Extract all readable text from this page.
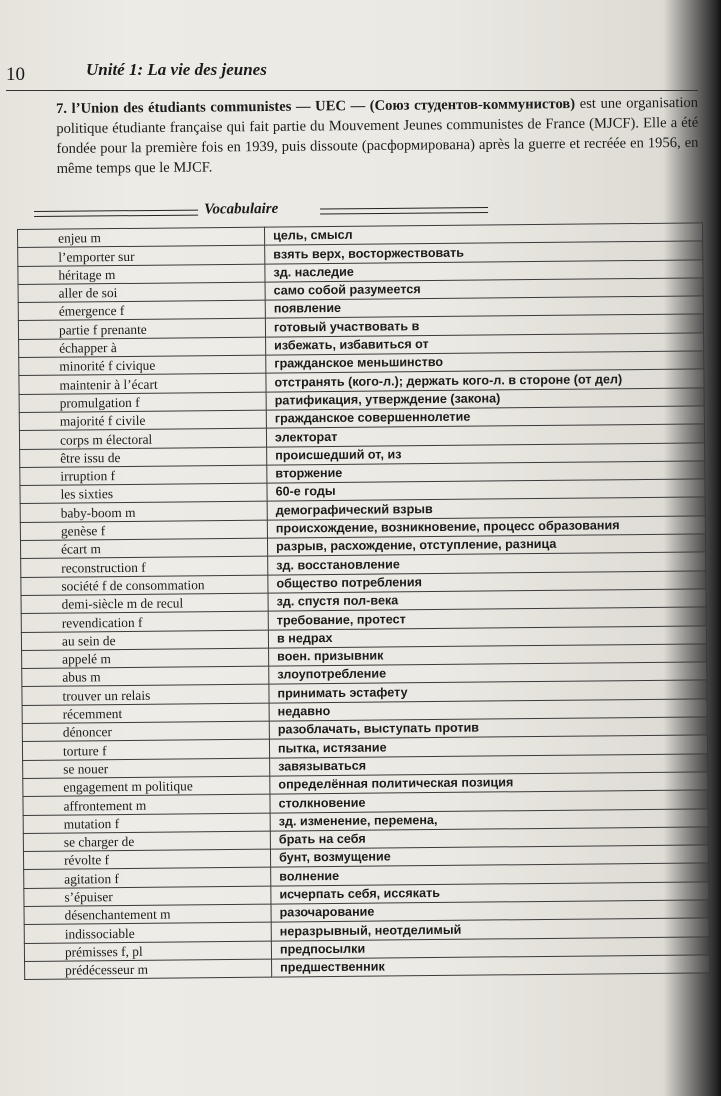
10	Unité 1: La vie des jeunes
7. l’Union des étudiants communistes — UEC — (Союз студентов-коммунистов) est une organisation politique étudiante française qui fait partie du Mouvement Jeunes communistes de France (MJCF). Elle a été fondée pour la première fois en 1939, puis dissoute (расформирована) après la guerre et recréée en 1956, en même temps que le MJCF.
Vocabulaire
enjeu m	цель, смысл
l’emporter sur	взять верх, восторжествовать
héritage m	зд. наследие
aller de soi	само собой разумеется
émergence f	появление
partie f prenante	готовый участвовать в
échapper à	избежать, избавиться от
minorité f civique	гражданское меньшинство
maintenir à l’écart	отстранять (кого-л.); держать кого-л. в стороне (от дел)
promulgation f	ратификация, утверждение (закона)
majorité f civile	гражданское совершеннолетие
corps m électoral	электорат
être issu de	происшедший от, из
irruption f	вторжение
les sixties	60-е годы
baby-boom m	демографический взрыв
genèse f	происхождение, возникновение, процесс образования
écart m	разрыв, расхождение, отступление, разница
reconstruction f	зд. восстановление
société f de consommation	общество потребления
demi-siècle m de recul	зд. спустя пол-века
revendication f	требование, протест
au sein de	в недрах
appelé m	воен. призывник
abus m	злоупотребление
trouver un relais	принимать эстафету
récemment	недавно
dénoncer	разоблачать, выступать против
torture f	пытка, истязание
se nouer	завязываться
engagement m politique	определённая политическая позиция
affrontement m	столкновение
mutation f	зд. изменение, перемена,
se charger de	брать на себя
révolte f	бунт, возмущение
agitation f	волнение
s’épuiser	исчерпать себя, иссякать
désenchantement m	разочарование
indissociable	неразрывный, неотделимый
prémisses f, pl	предпосылки
prédécesseur m	предшественник
